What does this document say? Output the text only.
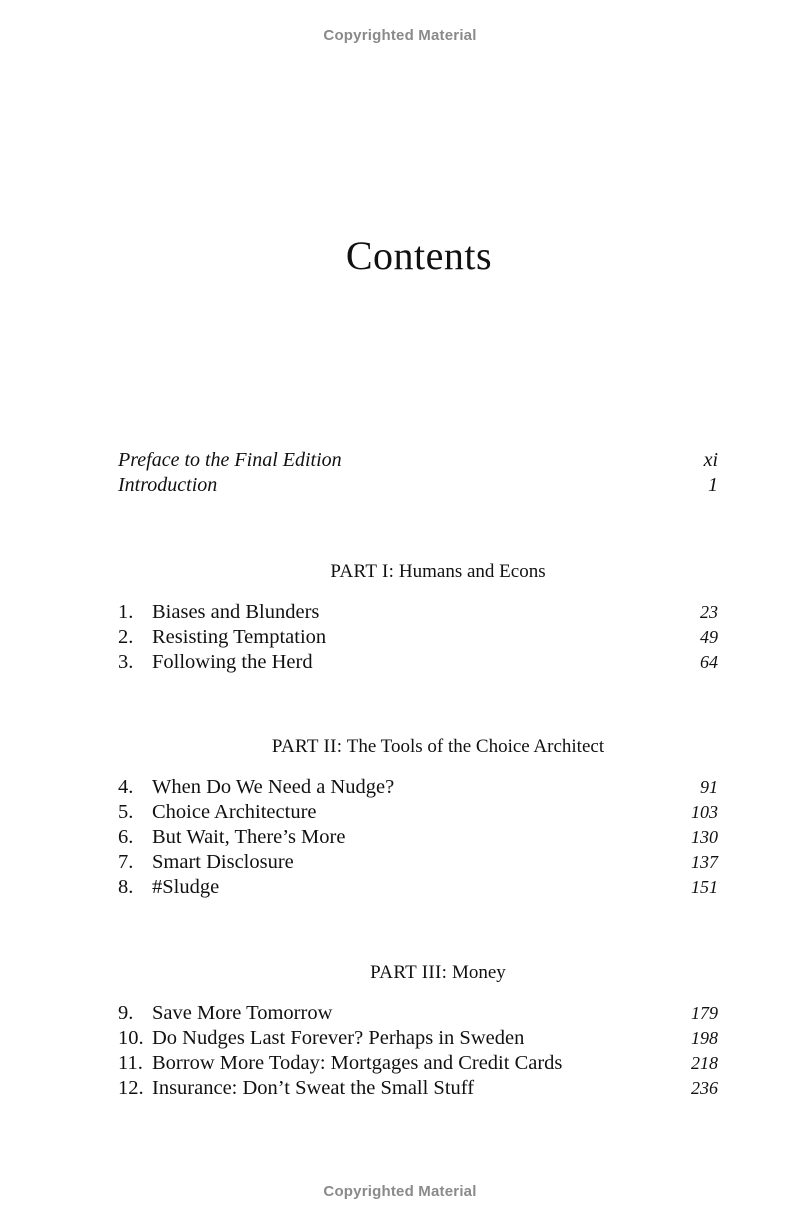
Copyrighted Material
Contents
Preface to the Final Edition	xi
Introduction	1
PART I: Humans and Econs
1. Biases and Blunders	23
2. Resisting Temptation	49
3. Following the Herd	64
PART II: The Tools of the Choice Architect
4. When Do We Need a Nudge?	91
5. Choice Architecture	103
6. But Wait, There’s More	130
7. Smart Disclosure	137
8. #Sludge	151
PART III: Money
9. Save More Tomorrow	179
10. Do Nudges Last Forever? Perhaps in Sweden	198
11. Borrow More Today: Mortgages and Credit Cards	218
12. Insurance: Don’t Sweat the Small Stuff	236
Copyrighted Material
